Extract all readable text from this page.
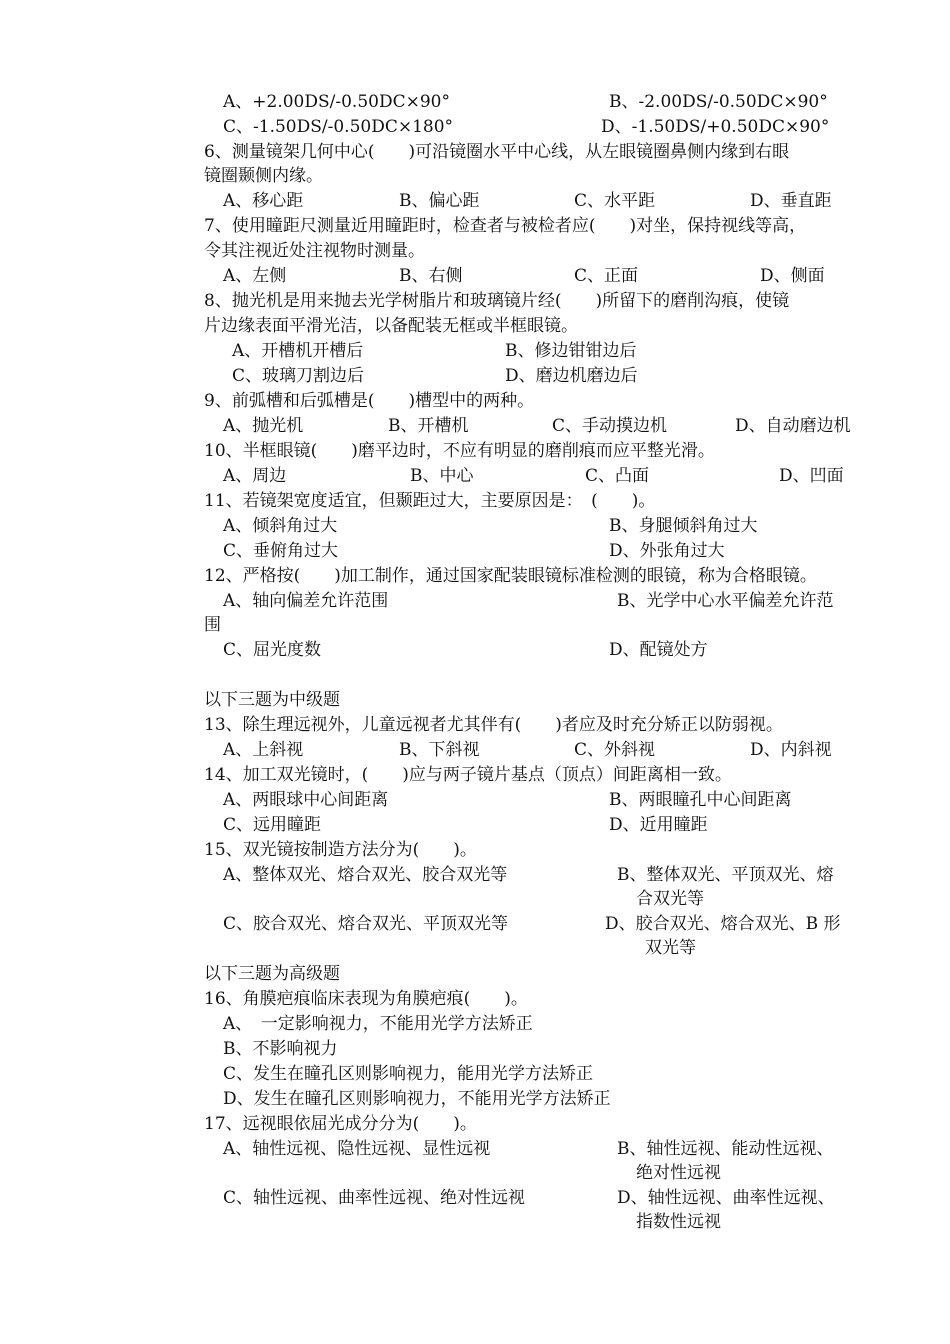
A、+2.00DS/-0.50DC×90°	B、-2.00DS/-0.50DC×90°
C、-1.50DS/-0.50DC×180°	D、-1.50DS/+0.50DC×90°
6、测量镜架几何中心(　　)可沿镜圈水平中心线，从左眼镜圈鼻侧内缘到右眼
镜圈颞侧内缘。
A、移心距	B、偏心距	C、水平距	D、垂直距
7、使用瞳距尺测量近用瞳距时，检查者与被检者应(　　)对坐，保持视线等高，
令其注视近处注视物时测量。
A、左侧	B、右侧	C、正面	D、侧面
8、抛光机是用来抛去光学树脂片和玻璃镜片经(　　)所留下的磨削沟痕，使镜
片边缘表面平滑光洁，以备配装无框或半框眼镜。
A、开槽机开槽后	B、修边钳钳边后
C、玻璃刀割边后	D、磨边机磨边后
9、前弧槽和后弧槽是(　　)槽型中的两种。
A、抛光机	B、开槽机	C、手动摸边机	D、自动磨边机
10、半框眼镜(　　)磨平边时，不应有明显的磨削痕而应平整光滑。
A、周边	B、中心	C、凸面	D、凹面
11、若镜架宽度适宜，但颞距过大，主要原因是：　(　　)。
A、倾斜角过大	B、身腿倾斜角过大
C、垂俯角过大	D、外张角过大
12、严格按(　　)加工制作，通过国家配装眼镜标准检测的眼镜，称为合格眼镜。
A、轴向偏差允许范围	B、光学中心水平偏差允许范
围
C、屈光度数	D、配镜处方
以下三题为中级题
13、除生理远视外，儿童远视者尤其伴有(　　)者应及时充分矫正以防弱视。
A、上斜视	B、下斜视	C、外斜视	D、内斜视
14、加工双光镜时，(　　)应与两子镜片基点（顶点）间距离相一致。
A、两眼球中心间距离	B、两眼瞳孔中心间距离
C、远用瞳距	D、近用瞳距
15、双光镜按制造方法分为(　　)。
A、整体双光、熔合双光、胶合双光等	B、整体双光、平顶双光、熔
合双光等
C、胶合双光、熔合双光、平顶双光等	D、胶合双光、熔合双光、B 形
双光等
以下三题为高级题
16、角膜疤痕临床表现为角膜疤痕(　　)。
A、　一定影响视力，不能用光学方法矫正
B、不影响视力
C、发生在瞳孔区则影响视力，能用光学方法矫正
D、发生在瞳孔区则影响视力，不能用光学方法矫正
17、远视眼依屈光成分分为(　　)。
A、轴性远视、隐性远视、显性远视	B、轴性远视、能动性远视、
绝对性远视
C、轴性远视、曲率性远视、绝对性远视	D、轴性远视、曲率性远视、
指数性远视
